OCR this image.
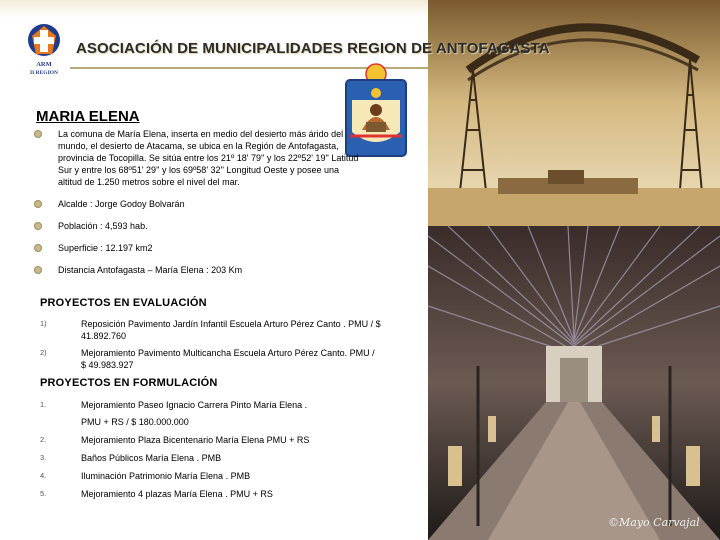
ARM
II REGION
©Mayo Carvajal
ASOCIACIÓN DE MUNICIPALIDADES REGION DE ANTOFAGASTA
MARIA ELENA
La comuna de María Elena, inserta en medio del desierto más árido del mundo, el desierto de Atacama, se ubica en la Región de Antofagasta, provincia de Tocopilla. Se sitúa entre los 21º 18' 79'' y los 22º52' 19'' Latitud Sur y entre los 68º51' 29'' y los 69º58' 32'' Longitud Oeste y posee una altitud de 1.250 metros sobre el nivel del mar.
Alcalde : Jorge Godoy Bolvarán
Población : 4,593 hab.
Superficie : 12.197 km2
Distancia Antofagasta – María Elena : 203 Km
PROYECTOS EN EVALUACIÓN
1)	Reposición Pavimento Jardín Infantil Escuela Arturo Pérez Canto . PMU / $ 41.892.760
2)	Mejoramiento Pavimento Multicancha Escuela Arturo Pérez Canto. PMU / $ 49.983.927
PROYECTOS EN FORMULACIÓN
1.	Mejoramiento Paseo Ignacio Carrera Pinto María Elena .
PMU + RS / $ 180.000.000
2.	Mejoramiento Plaza Bicentenario María Elena PMU + RS
3.	Baños Públicos María Elena . PMB
4.	Iluminación Patrimonio María Elena . PMB
5.	Mejoramiento 4 plazas María Elena . PMU + RS
